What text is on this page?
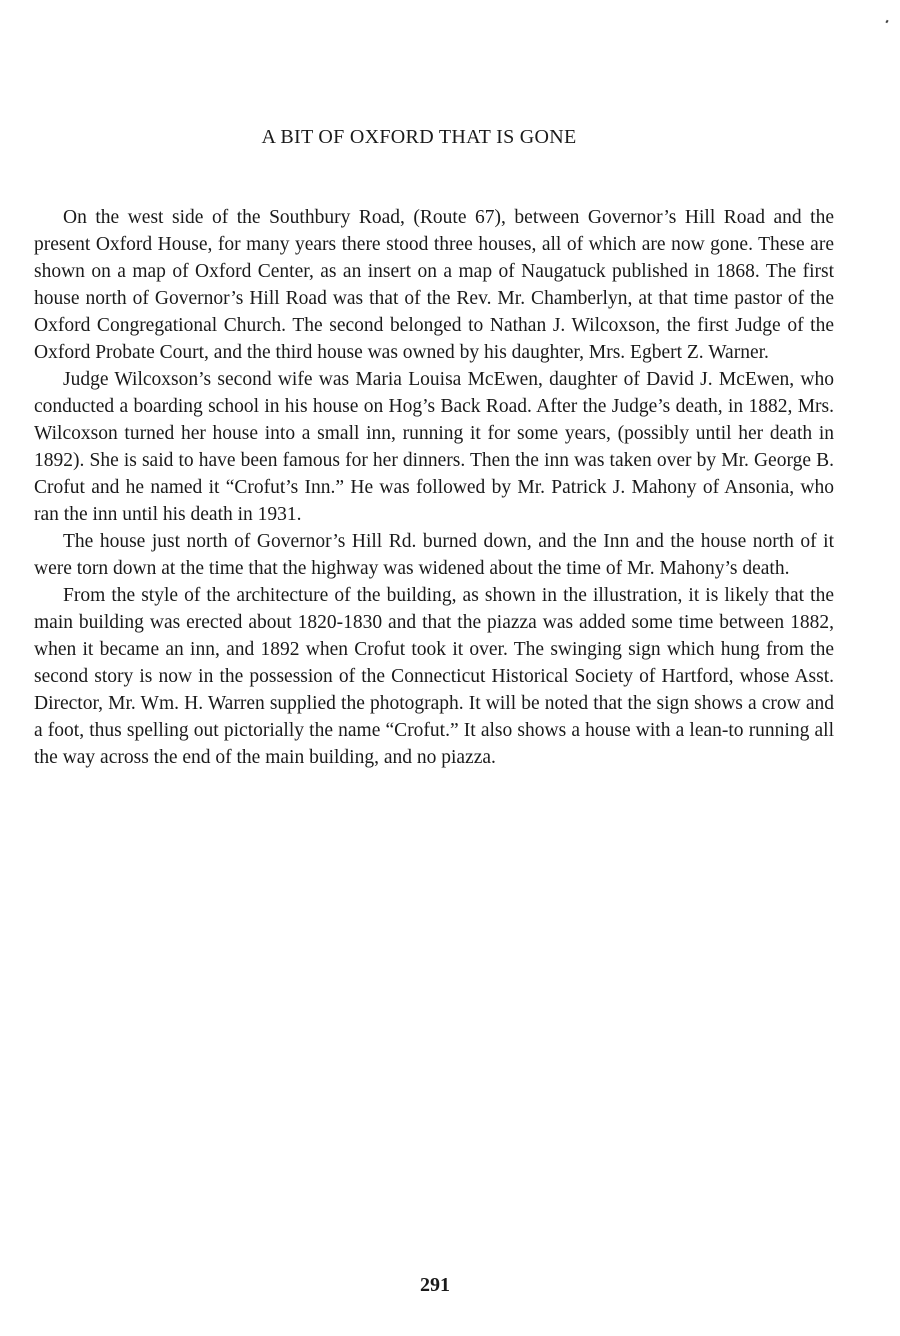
A BIT OF OXFORD THAT IS GONE

On the west side of the Southbury Road, (Route 67), between Governor’s Hill Road and the present Oxford House, for many years there stood three houses, all of which are now gone. These are shown on a map of Oxford Center, as an insert on a map of Naugatuck published in 1868. The first house north of Governor’s Hill Road was that of the Rev. Mr. Chamberlyn, at that time pastor of the Oxford Congregational Church. The second belonged to Nathan J. Wilcoxson, the first Judge of the Oxford Probate Court, and the third house was owned by his daughter, Mrs. Egbert Z. Warner.

Judge Wilcoxson’s second wife was Maria Louisa McEwen, daughter of David J. McEwen, who conducted a boarding school in his house on Hog’s Back Road. After the Judge’s death, in 1882, Mrs. Wilcoxson turned her house into a small inn, running it for some years, (possibly until her death in 1892). She is said to have been famous for her dinners. Then the inn was taken over by Mr. George B. Crofut and he named it “Crofut’s Inn.” He was followed by Mr. Patrick J. Mahony of Ansonia, who ran the inn until his death in 1931.

The house just north of Governor’s Hill Rd. burned down, and the Inn and the house north of it were torn down at the time that the highway was widened about the time of Mr. Mahony’s death.

From the style of the architecture of the building, as shown in the illustration, it is likely that the main building was erected about 1820-1830 and that the piazza was added some time between 1882, when it became an inn, and 1892 when Crofut took it over. The swinging sign which hung from the second story is now in the possession of the Connecticut Historical Society of Hartford, whose Asst. Director, Mr. Wm. H. Warren supplied the photograph. It will be noted that the sign shows a crow and a foot, thus spelling out pictorially the name “Crofut.” It also shows a house with a lean-to running all the way across the end of the main building, and no piazza.

291
